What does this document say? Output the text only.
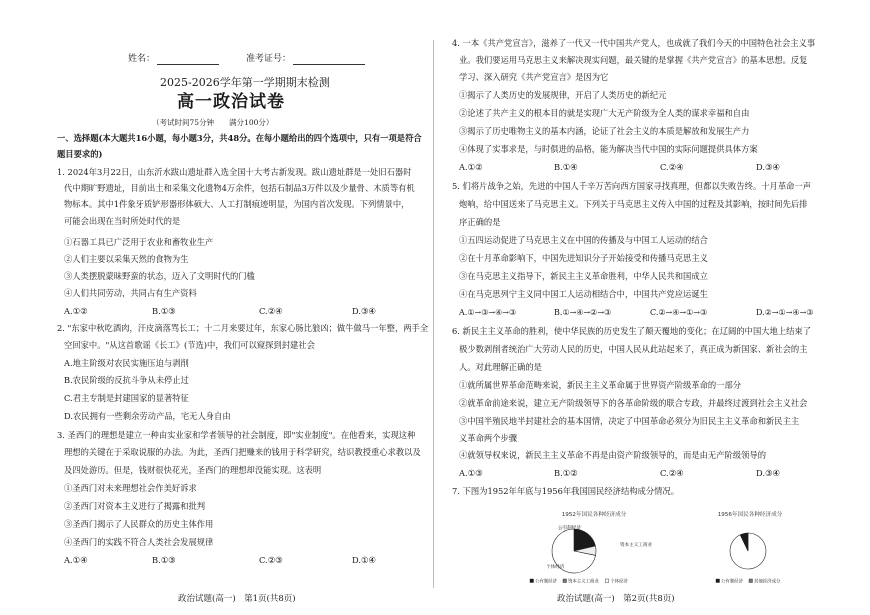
姓名：	准考证号：
2025-2026学年第一学期期末检测
高一政治试卷
（考试时间75分钟　　满分100分）
一、选择题(本大题共16小题，每小题3分，共48分。在每小题给出的四个选项中，只有一项是符合
题目要求的)
1. 2024年3月22日，山东沂水跋山遗址群入选全国十大考古新发现。跋山遗址群是一处旧石器时
代中期旷野遗址，目前出土和采集文化遗物4万余件，包括石制品3万件以及少量骨、木质等有机
物标本。其中1件象牙质铲形器形体硕大、人工打制痕迹明显，为国内首次发现。下列情景中，
可能会出现在当时所处时代的是
①石器工具已广泛用于农业和畜牧业生产
②人们主要以采集天然的食物为生
③人类摆脱蒙昧野蛮的状态，迈入了文明时代的门槛
④人们共同劳动，共同占有生产资料
A.①②	B.①③	C.②④	D.③④
2. "东家中秋吃酒肉，汗皮滴落骂长工；十二月来要过年，东家心肠比狼凶；做牛做马一年整，两手全
空回家中。"从这首歌谣《长工》(节选)中，我们可以窥探到封建社会
A.地主阶级对农民实施压迫与剥削
B.农民阶级的反抗斗争从未停止过
C.君主专制是封建国家的显著特征
D.农民拥有一些剩余劳动产品，宅无人身自由
3. 圣西门的理想是建立一种由实业家和学者领导的社会制度，即"实业制度"。在他看来，实现这种
理想的关键在于采取说服的办法。为此，圣西门把赚来的钱用于科学研究，结识教授重心求教以及
及四处游历。但是，钱财很快花光，圣西门的理想却没能实现。这表明
①圣西门对未来理想社会作美好诉求
②圣西门对资本主义进行了揭露和批判
③圣西门揭示了人民群众的历史主体作用
④圣西门的实践不符合人类社会发展规律
A.①④	B.①③	C.②③	D.①④
政治试题(高一)　第1页(共8页)
4. 一本《共产党宣言》，滋养了一代又一代中国共产党人，也成就了我们今天的中国特色社会主义事
业。我们要运用马克思主义来解决现实问题，最关键的是掌握《共产党宣言》的基本思想。反复
学习、深入研究《共产党宣言》是因为它
①揭示了人类历史的发展规律，开启了人类历史的新纪元
②论述了共产主义的根本目的就是实现广大无产阶级为全人类的谋求幸福和自由
③揭示了历史唯物主义的基本内涵，论证了社会主义的本质是解放和发展生产力
④体现了实事求是，与时俱进的品格，能为解决当代中国的实际问题提供具体方案
A.①②	B.①④	C.②④	D.③④
5. 们将片战争之始，先进的中国人千辛万苦向西方国家寻找真理，但都以失败告终。十月革命一声
炮响，给中国送来了马克思主义。下列关于马克思主义传入中国的过程及其影响，按时间先后排
序正确的是
①五四运动促进了马克思主义在中国的传播及与中国工人运动的结合
②在十月革命影响下，中国先进知识分子开始接受和传播马克思主义
③在马克思主义指导下，新民主主义革命胜利，中华人民共和国成立
④在马克思列宁主义同中国工人运动相结合中，中国共产党应运诞生
A.①→③→④→③	B.①→④→②→③	C.②→④→①→③	D.②→①→④→③
6. 新民主主义革命的胜利，使中华民族的历史发生了颠天覆地的变化；在辽阔的中国大地上结束了
极少数剥削者统治广大劳动人民的历史，中国人民从此站起来了，真正成为新国家、新社会的主
人。对此理解正确的是
①就所属世界革命范畴来说，新民主主义革命属于世界资产阶级革命的一部分
②就革命前途来说，建立无产阶级领导下的各革命阶级的联合专政，并最终过渡到社会主义社会
③中国半殖民地半封建社会的基本国情，决定了中国革命必须分为旧民主主义革命和新民主主
义革命两个步骤
④就领导权来说，新民主主义革命不再是由资产阶级领导的，而是由无产阶级领导的
A.①③	B.①②	C.②④	D.③④
7. 下图为1952年年底与1956年我国国民经济结构成分情况。
1952年国民各种经济成分
公有制经济
资本主义工商业
个体经济
公有制经济	资本主义工商业	个体经济
1956年国民各种经济成分
公有制经济	其他经济成分
政治试题(高一)　第2页(共8页)
